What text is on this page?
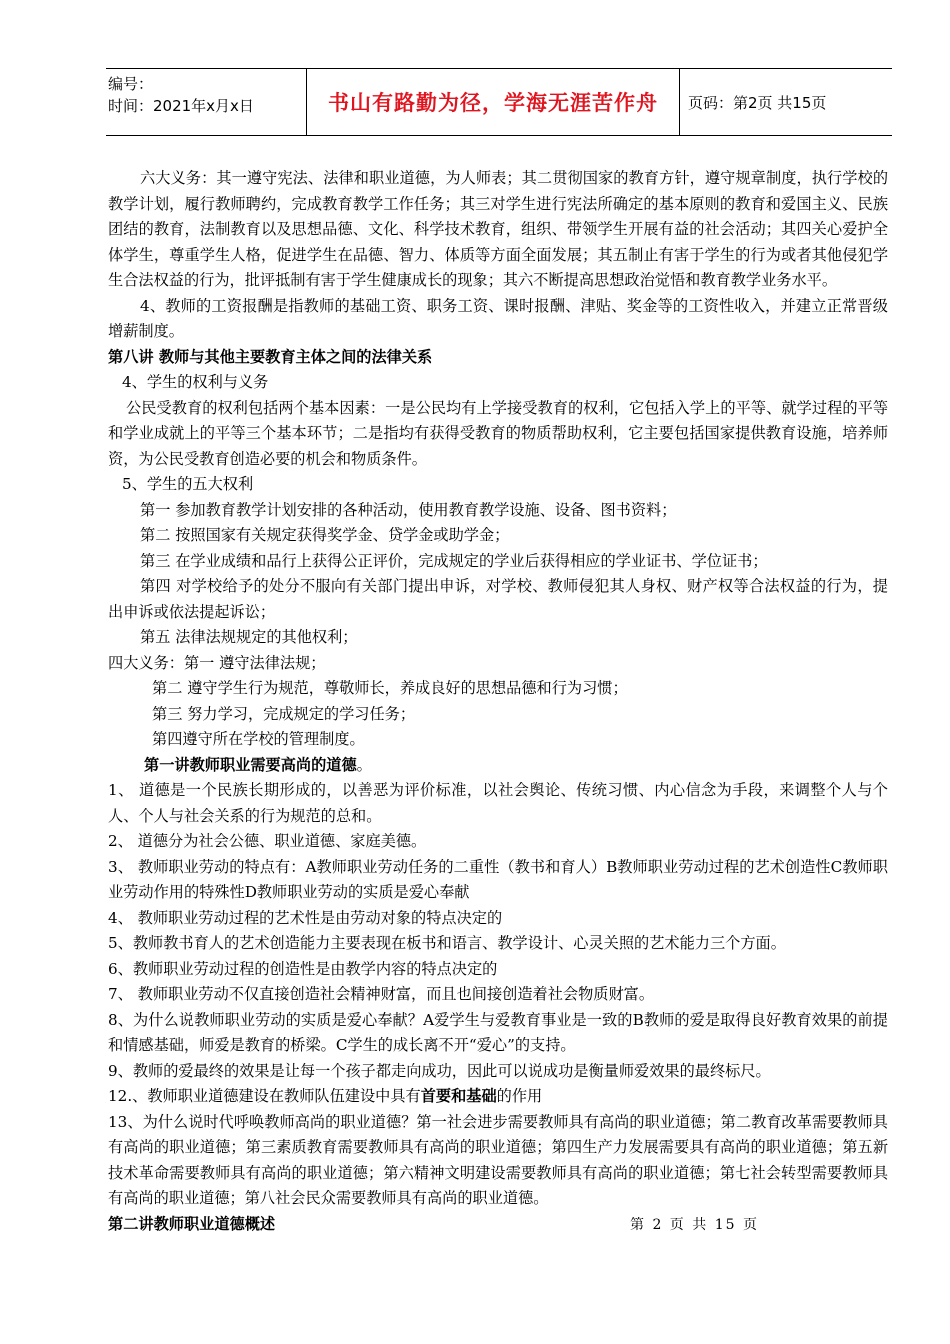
编号：
时间：2021年x月x日	书山有路勤为径，学海无涯苦作舟	页码：第2页 共15页

六大义务：其一遵守宪法、法律和职业道德，为人师表；其二贯彻国家的教育方针，遵守规章制度，执行学校的教学计划，履行教师聘约，完成教育教学工作任务；其三对学生进行宪法所确定的基本原则的教育和爱国主义、民族团结的教育，法制教育以及思想品德、文化、科学技术教育，组织、带领学生开展有益的社会活动；其四关心爱护全体学生，尊重学生人格，促进学生在品德、智力、体质等方面全面发展；其五制止有害于学生的行为或者其他侵犯学生合法权益的行为，批评抵制有害于学生健康成长的现象；其六不断提高思想政治觉悟和教育教学业务水平。

4、教师的工资报酬是指教师的基础工资、职务工资、课时报酬、津贴、奖金等的工资性收入，并建立正常晋级增薪制度。

第八讲 教师与其他主要教育主体之间的法律关系

4、学生的权利与义务

公民受教育的权利包括两个基本因素：一是公民均有上学接受教育的权利，它包括入学上的平等、就学过程的平等和学业成就上的平等三个基本环节；二是指均有获得受教育的物质帮助权利，它主要包括国家提供教育设施，培养师资，为公民受教育创造必要的机会和物质条件。

5、学生的五大权利

第一 参加教育教学计划安排的各种活动，使用教育教学设施、设备、图书资料；

第二 按照国家有关规定获得奖学金、贷学金或助学金；

第三 在学业成绩和品行上获得公正评价，完成规定的学业后获得相应的学业证书、学位证书；

第四 对学校给予的处分不服向有关部门提出申诉，对学校、教师侵犯其人身权、财产权等合法权益的行为，提出申诉或依法提起诉讼；

第五 法律法规规定的其他权利；

四大义务：第一 遵守法律法规；

第二 遵守学生行为规范，尊敬师长，养成良好的思想品德和行为习惯；

第三 努力学习，完成规定的学习任务；

第四遵守所在学校的管理制度。

第一讲教师职业需要高尚的道德。

1、 道德是一个民族长期形成的，以善恶为评价标准，以社会舆论、传统习惯、内心信念为手段，来调整个人与个人、个人与社会关系的行为规范的总和。

2、 道德分为社会公德、职业道德、家庭美德。

3、 教师职业劳动的特点有：A教师职业劳动任务的二重性（教书和育人）B教师职业劳动过程的艺术创造性C教师职业劳动作用的特殊性D教师职业劳动的实质是爱心奉献

4、 教师职业劳动过程的艺术性是由劳动对象的特点决定的

5、教师教书育人的艺术创造能力主要表现在板书和语言、教学设计、心灵关照的艺术能力三个方面。

6、教师职业劳动过程的创造性是由教学内容的特点决定的

7、 教师职业劳动不仅直接创造社会精神财富，而且也间接创造着社会物质财富。

8、为什么说教师职业劳动的实质是爱心奉献？A爱学生与爱教育事业是一致的B教师的爱是取得良好教育效果的前提和情感基础，师爱是教育的桥梁。C学生的成长离不开“爱心”的支持。

9、教师的爱最终的效果是让每一个孩子都走向成功，因此可以说成功是衡量师爱效果的最终标尺。

12.、教师职业道德建设在教师队伍建设中具有首要和基础的作用

13、为什么说时代呼唤教师高尚的职业道德？第一社会进步需要教师具有高尚的职业道德；第二教育改革需要教师具有高尚的职业道德；第三素质教育需要教师具有高尚的职业道德；第四生产力发展需要具有高尚的职业道德；第五新技术革命需要教师具有高尚的职业道德；第六精神文明建设需要教师具有高尚的职业道德；第七社会转型需要教师具有高尚的职业道德；第八社会民众需要教师具有高尚的职业道德。

第二讲教师职业道德概述	第 2 页 共 15 页
